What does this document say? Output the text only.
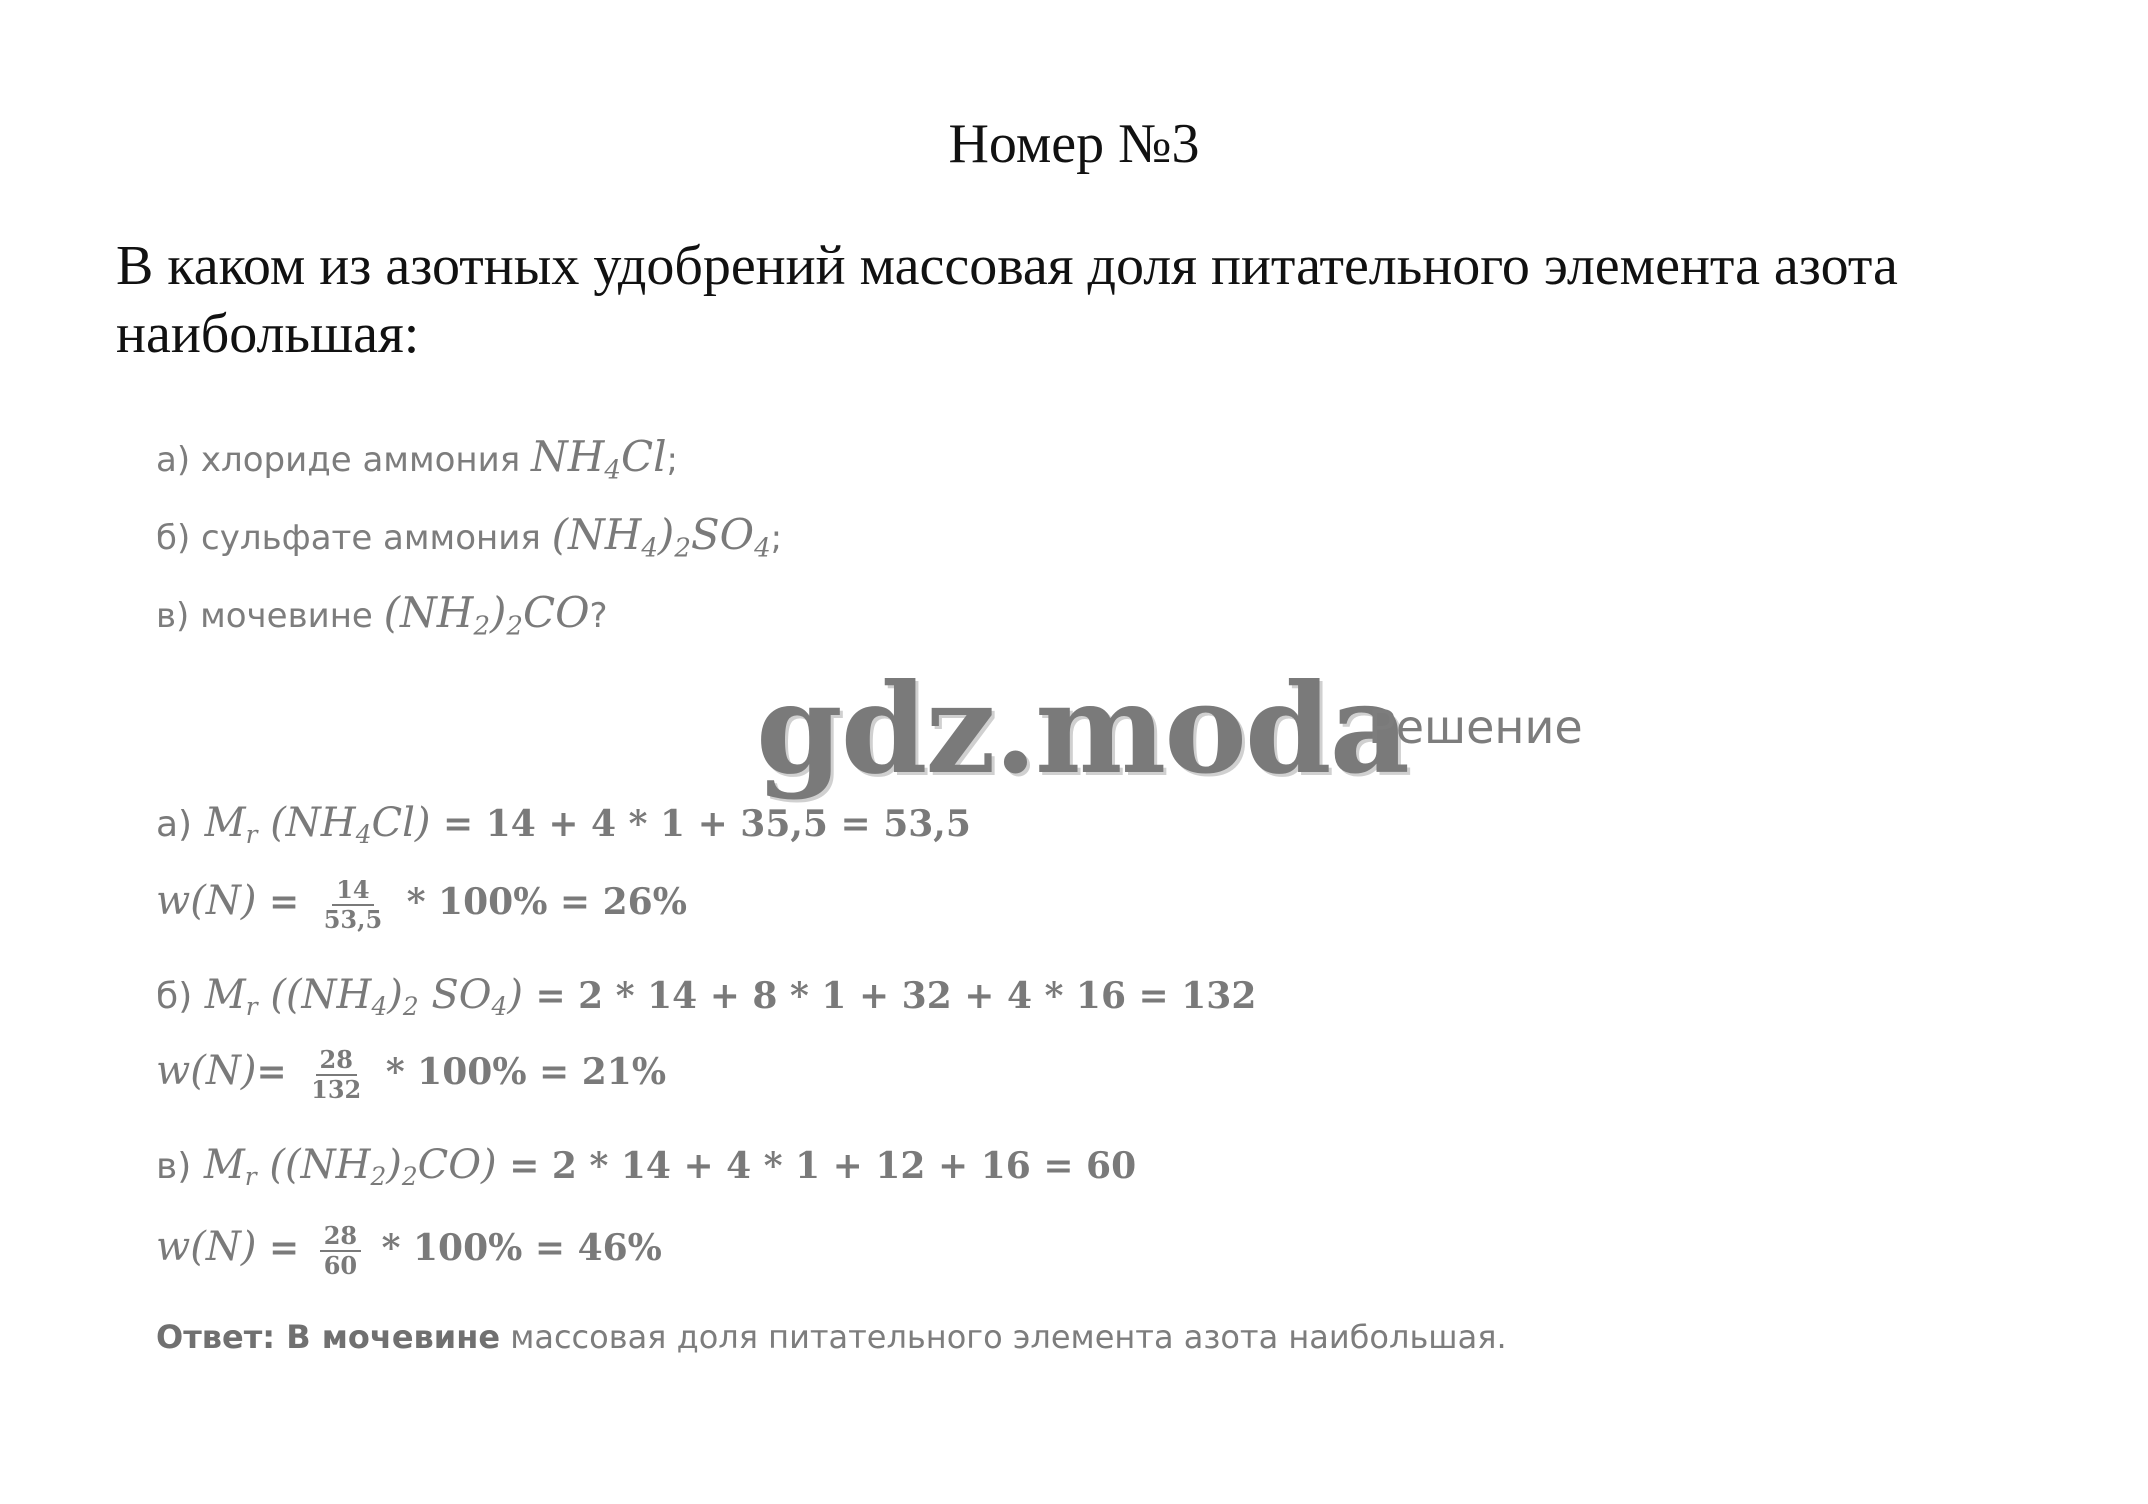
Номер №3
В каком из азотных удобрений массовая доля питательного элемента азота
наибольшая:
а) хлориде аммония $NH_4Cl$;
б) сульфате аммония $(NH_4)_2SO_4$;
в) мочевине $(NH_2)_2CO$?
gdz.moda
Решение
а) $M_r$ $(NH_4Cl) = 14 + 4 * 1 + 35,5 = 53,5$
$w(N) = \frac{14}{53,5} * 100\% = 26\%$
б) $M_r$ ($(NH_4)_2$ $SO_4) = 2 * 14 + 8 * 1 + 32 + 4 * 16 = 132$
$w(N)= \frac{28}{132} * 100\% = 21\%$
в) $M_r$ $((NH_2)_2CO) = 2 * 14 + 4 * 1 + 12 + 16 = 60$
$w(N) = \frac{28}{60} * 100\% = 46\%$
Ответ: В мочевине массовая доля питательного элемента азота наибольшая.
